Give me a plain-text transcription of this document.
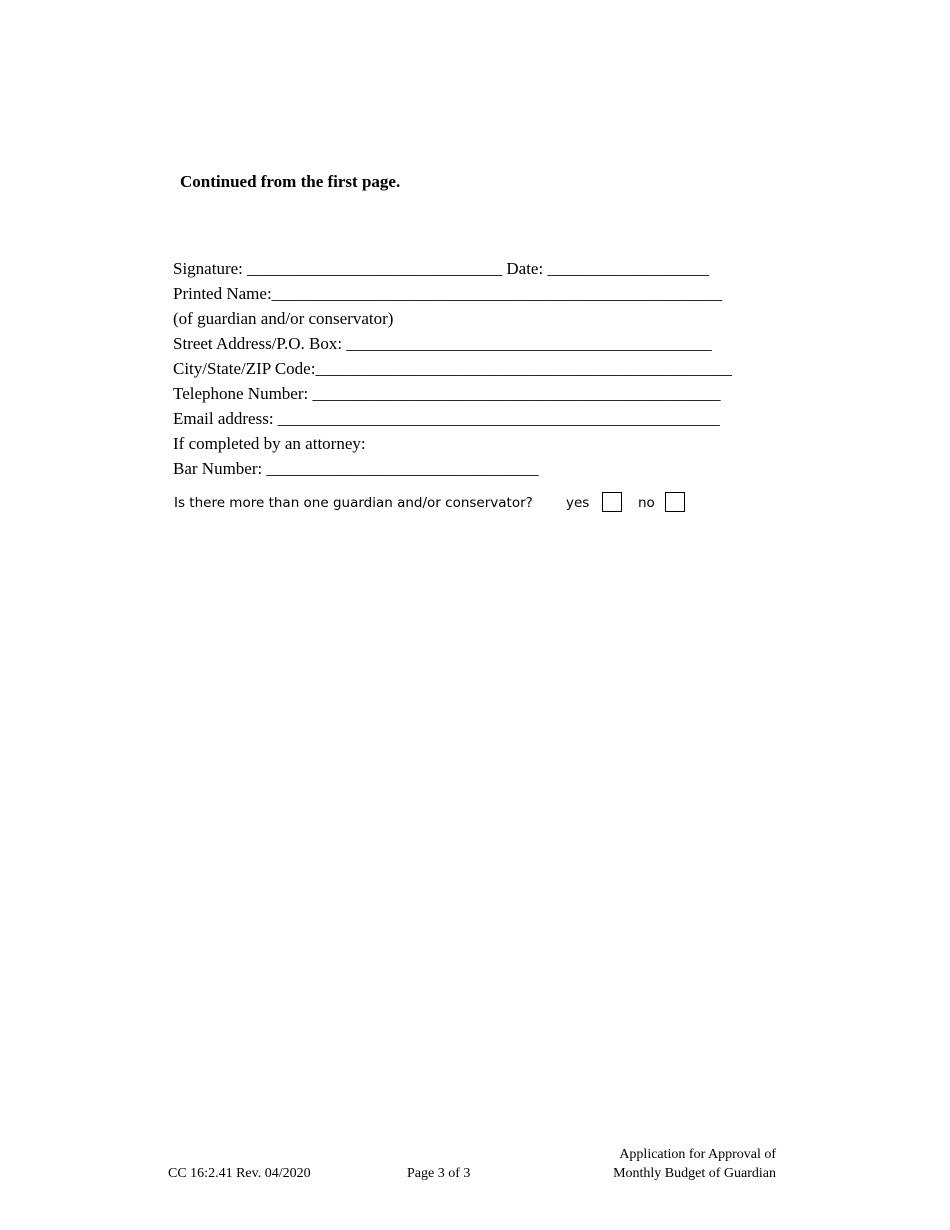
Continued from the first page.
Signature: ______________________________ Date: ___________________
Printed Name:_____________________________________________________
(of guardian and/or conservator)
Street Address/P.O. Box: ___________________________________________
City/State/ZIP Code:_________________________________________________
Telephone Number: ________________________________________________
Email address: ____________________________________________________
If completed by an attorney:
Bar Number: ________________________________
Is there more than one guardian and/or conservator? yes	no
CC 16:2.41 Rev. 04/2020	Page 3 of 3
Application for Approval of
Monthly Budget of Guardian
